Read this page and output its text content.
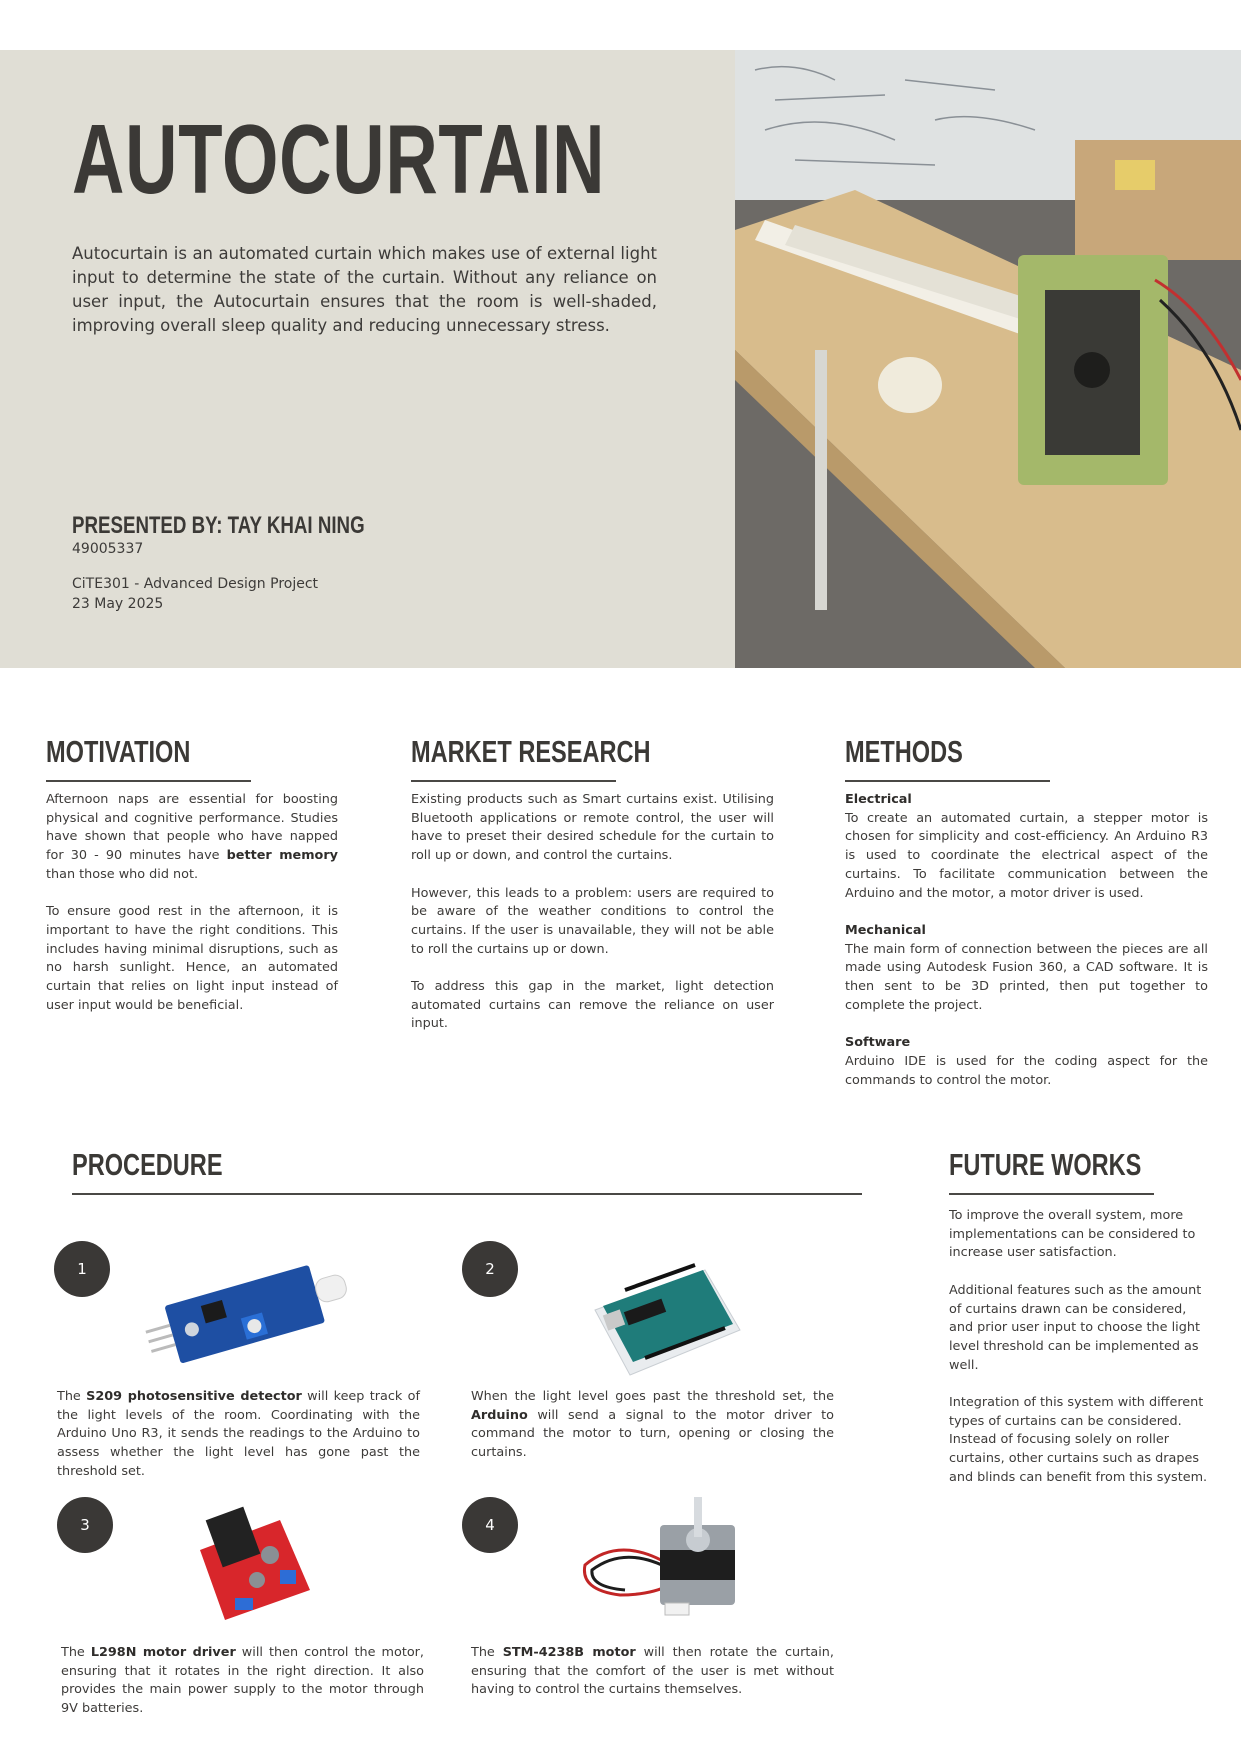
AUTOCURTAIN
Autocurtain is an automated curtain which makes use of external light input to determine the state of the curtain. Without any reliance on user input, the Autocurtain ensures that the room is well-shaded, improving overall sleep quality and reducing unnecessary stress.
PRESENTED BY: TAY KHAI NING
49005337
CiTE301 - Advanced Design Project
23 May 2025
MOTIVATION

Afternoon naps are essential for boosting physical and cognitive performance. Studies have shown that people who have napped for 30 - 90 minutes have better memory than those who did not.

To ensure good rest in the afternoon, it is important to have the right conditions. This includes having minimal disruptions, such as no harsh sunlight. Hence, an automated curtain that relies on light input instead of user input would be beneficial.

MARKET RESEARCH

Existing products such as Smart curtains exist. Utilising Bluetooth applications or remote control, the user will have to preset their desired schedule for the curtain to roll up or down, and control the curtains.

However, this leads to a problem: users are required to be aware of the weather conditions to control the curtains. If the user is unavailable, they will not be able to roll the curtains up or down.

To address this gap in the market, light detection automated curtains can remove the reliance on user input.

METHODS
Electrical

To create an automated curtain, a stepper motor is chosen for simplicity and cost-efficiency. An Arduino R3 is used to coordinate the electrical aspect of the curtains. To facilitate communication between the Arduino and the motor, a motor driver is used.

Mechanical

The main form of connection between the pieces are all made using Autodesk Fusion 360, a CAD software. It is then sent to be 3D printed, then put together to complete the project.

Software

Arduino IDE is used for the coding aspect for the commands to control the motor.

PROCEDURE
1
The S209 photosensitive detector will keep track of the light levels of the room. Coordinating with the Arduino Uno R3, it sends the readings to the Arduino to assess whether the light level has gone past the threshold set.
2
When the light level goes past the threshold set, the Arduino will send a signal to the motor driver to command the motor to turn, opening or closing the curtains.
3
The L298N motor driver will then control the motor, ensuring that it rotates in the right direction. It also provides the main power supply to the motor through 9V batteries.
4
The STM-4238B motor will then rotate the curtain, ensuring that the comfort of the user is met without having to control the curtains themselves.
FUTURE WORKS

To improve the overall system, more implementations can be considered to increase user satisfaction.

Additional features such as the amount of curtains drawn can be considered, and prior user input to choose the light level threshold can be implemented as well.

Integration of this system with different types of curtains can be considered. Instead of focusing solely on roller curtains, other curtains such as drapes and blinds can benefit from this system.
